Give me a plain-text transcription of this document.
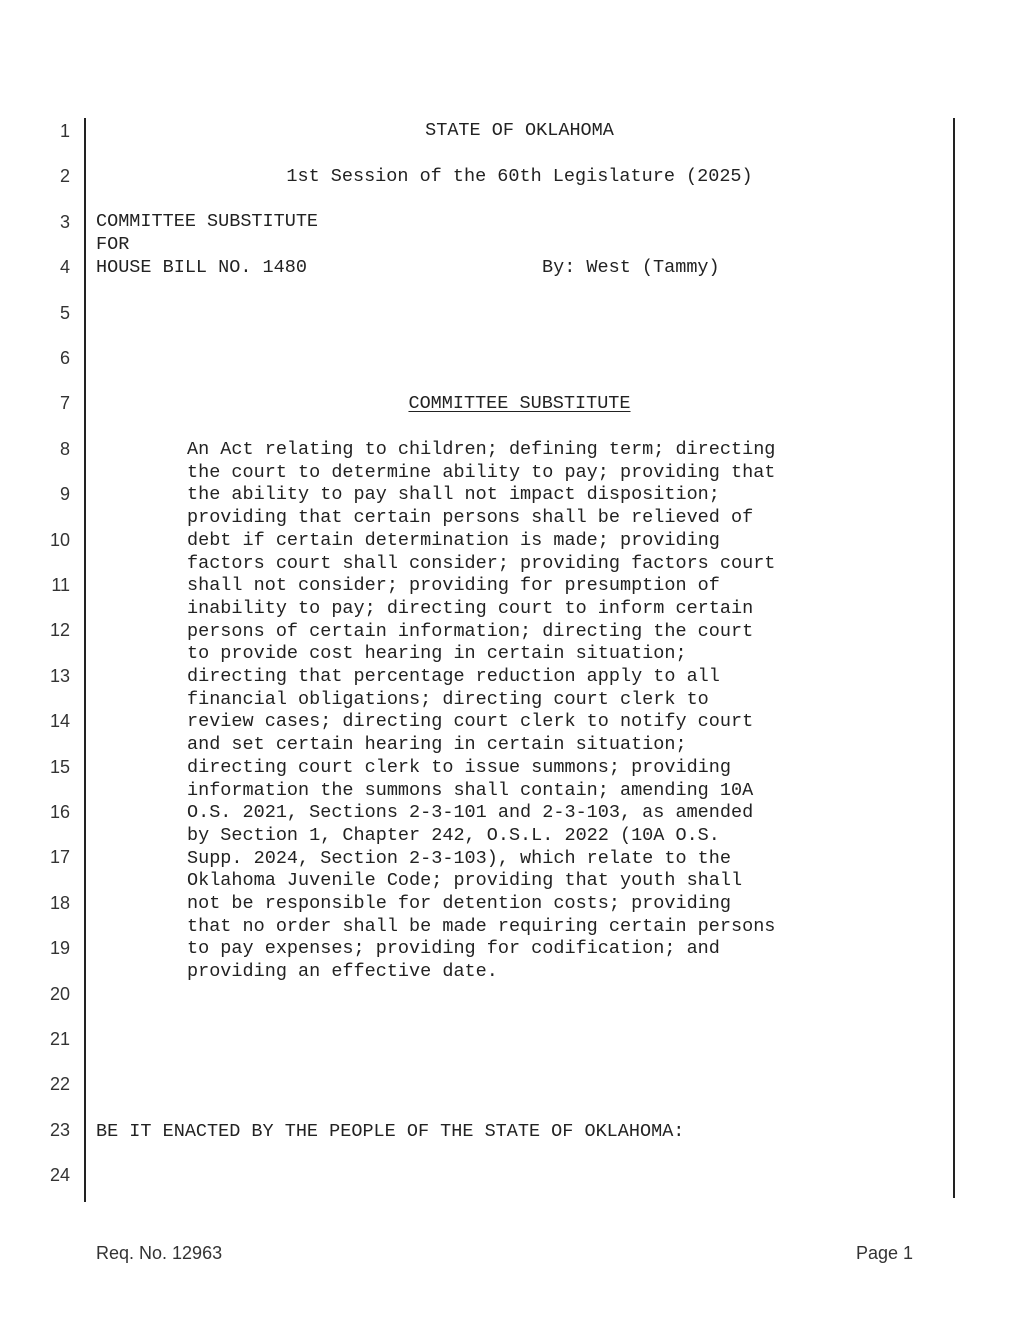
1
2
3
4
5
6
7
8
9
10
11
12
13
14
15
16
17
18
19
20
21
22
23
24
STATE OF OKLAHOMA
1st Session of the 60th Legislature (2025)
COMMITTEE SUBSTITUTE
FOR
HOUSE BILL NO. 1480	By: West (Tammy)
COMMITTEE SUBSTITUTE

An Act relating to children; defining term; directing

the court to determine ability to pay; providing that

the ability to pay shall not impact disposition;

providing that certain persons shall be relieved of

debt if certain determination is made; providing

factors court shall consider; providing factors court

shall not consider; providing for presumption of

inability to pay; directing court to inform certain

persons of certain information; directing the court

to provide cost hearing in certain situation;

directing that percentage reduction apply to all

financial obligations; directing court clerk to

review cases; directing court clerk to notify court

and set certain hearing in certain situation;

directing court clerk to issue summons; providing

information the summons shall contain; amending 10A

O.S. 2021, Sections 2-3-101 and 2-3-103, as amended

by Section 1, Chapter 242, O.S.L. 2022 (10A O.S.

Supp. 2024, Section 2-3-103), which relate to the

Oklahoma Juvenile Code; providing that youth shall

not be responsible for detention costs; providing

that no order shall be made requiring certain persons

to pay expenses; providing for codification; and

providing an effective date.

BE IT ENACTED BY THE PEOPLE OF THE STATE OF OKLAHOMA:
Req. No. 12963	Page 1
